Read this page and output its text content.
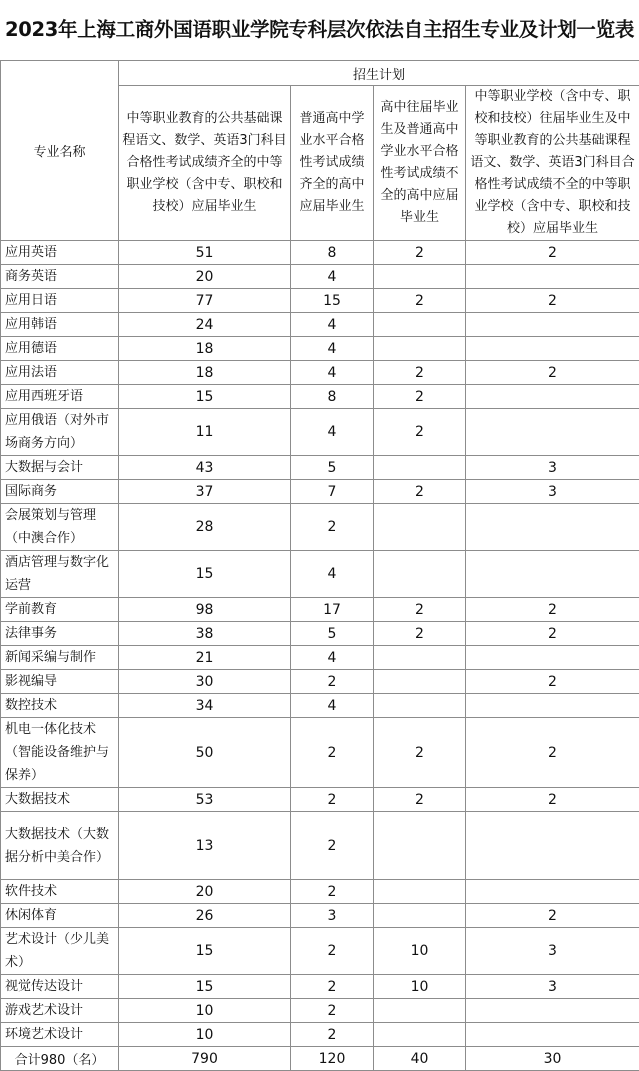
2023年上海工商外国语职业学院专科层次依法自主招生专业及计划一览表
专业名称	招生计划			
	中等职业教育的公共基础课程语文、数学、英语3门科目合格性考试成绩齐全的中等职业学校（含中专、职校和技校）应届毕业生	普通高中学业水平合格性考试成绩齐全的高中应届毕业生	高中往届毕业生及普通高中学业水平合格性考试成绩不全的高中应届毕业生	中等职业学校（含中专、职校和技校）往届毕业生及中等职业教育的公共基础课程语文、数学、英语3门科目合格性考试成绩不全的中等职业学校（含中专、职校和技校）应届毕业生
应用英语	51	8	2	2
商务英语	20	4		
应用日语	77	15	2	2
应用韩语	24	4		
应用德语	18	4		
应用法语	18	4	2	2
应用西班牙语	15	8	2	
应用俄语（对外市场商务方向）	11	4	2	
大数据与会计	43	5		3
国际商务	37	7	2	3
会展策划与管理（中澳合作）	28	2		
酒店管理与数字化运营	15	4		
学前教育	98	17	2	2
法律事务	38	5	2	2
新闻采编与制作	21	4		
影视编导	30	2		2
数控技术	34	4		
机电一体化技术（智能设备维护与保养）	50	2	2	2
大数据技术	53	2	2	2
大数据技术（大数据分析中美合作）	13	2		
软件技术	20	2		
休闲体育	26	3		2
艺术设计（少儿美术）	15	2	10	3
视觉传达设计	15	2	10	3
游戏艺术设计	10	2		
环境艺术设计	10	2		
合计980（名）	790	120	40	30
